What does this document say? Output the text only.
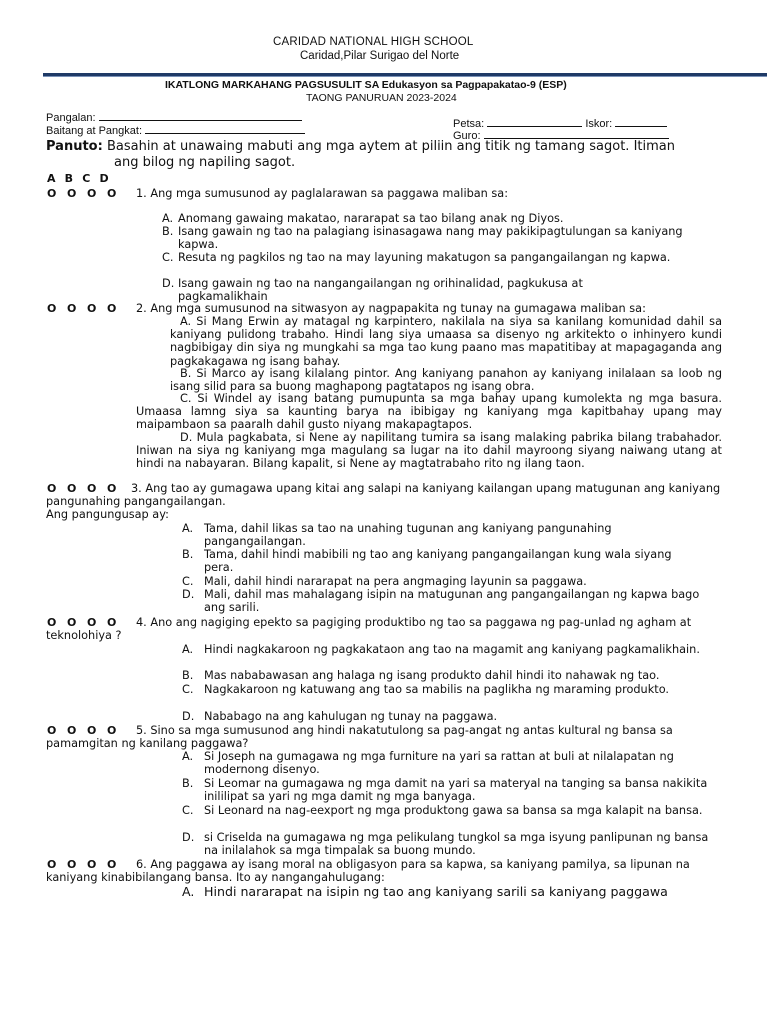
CARIDAD NATIONAL HIGH SCHOOL
Caridad,Pilar Surigao del Norte
IKATLONG MARKAHANG PAGSUSULIT SA Edukasyon sa Pagpapakatao-9 (ESP)
TAONG PANURUAN 2023-2024
Pangalan:
Baitang at Pangkat:
Petsa:	Iskor:
Guro:
Panuto: Basahin at unawaing mabuti ang mga aytem at piliin ang titik ng tamang sagot. Itiman
ang bilog ng napiling sagot.
A  B  C  D
O  O  O  O 1. Ang mga sumusunod ay paglalarawan sa paggawa maliban sa:
A. Anomang gawaing makatao, nararapat sa tao bilang anak ng Diyos.
B. Isang gawain ng tao na palagiang isinasagawa nang may pakikipagtulungan sa kaniyang kapwa.
C. Resuta ng pagkilos ng tao na may layuning makatugon sa pangangailangan ng kapwa.
D. Isang gawain ng tao na nangangailangan ng orihinalidad, pagkukusa at pagkamalikhain
O  O  O  O 2. Ang mga sumusunod na sitwasyon ay nagpapakita ng tunay na gumagawa maliban sa:
A. Si Mang Erwin ay matagal ng karpintero, nakilala na siya sa kanilang komunidad dahil sa kaniyang pulidong trabaho. Hindi lang siya umaasa sa disenyo ng arkitekto o inhinyero kundi nagbibigay din siya ng mungkahi sa mga tao kung paano mas mapatitibay at mapagaganda ang pagkakagawa ng isang bahay.
B. Si Marco ay isang kilalang pintor. Ang kaniyang panahon ay kaniyang inilalaan sa loob ng isang silid para sa buong maghapong pagtatapos ng isang obra.
C. Si Windel ay isang batang pumupunta sa mga bahay upang kumolekta ng mga basura. Umaasa lamng siya sa kaunting barya na ibibigay ng kaniyang mga kapitbahay upang may maipambaon sa paaralh dahil gusto niyang makapagtapos.
D. Mula pagkabata, si Nene ay napilitang tumira sa isang malaking pabrika bilang trabahador. Iniwan na siya ng kaniyang mga magulang sa lugar na ito dahil mayroong siyang naiwang utang at hindi na nabayaran. Bilang kapalit, si Nene ay magtatrabaho rito ng ilang taon.
O  O  O  O	3. Ang tao ay gumagawa upang kitai ang salapi na kaniyang kailangan upang matugunan ang kaniyang pangunahing pangangailangan.
Ang pangungusap ay:
A. Tama, dahil likas sa tao na unahing tugunan ang kaniyang pangunahing pangangailangan.
B. Tama, dahil hindi mabibili ng tao ang kaniyang pangangailangan kung wala siyang pera.
C. Mali, dahil hindi nararapat na pera angmaging layunin sa paggawa.
D. Mali, dahil mas mahalagang isipin na matugunan ang pangangailangan ng kapwa bago ang sarili.
O  O  O  O	4. Ano ang nagiging epekto sa pagiging produktibo ng tao sa paggawa ng pag-unlad ng agham at teknolohiya ?
A. Hindi nagkakaroon ng pagkakataon ang tao na magamit ang kaniyang pagkamalikhain.
B. Mas nababawasan ang halaga ng isang produkto dahil hindi ito nahawak ng tao.
C. Nagkakaroon ng katuwang ang tao sa mabilis na paglikha ng maraming produkto.
D. Nababago na ang kahulugan ng tunay na paggawa.
O  O  O  O	5. Sino sa mga sumusunod ang hindi nakatutulong sa pag-angat ng antas kultural ng bansa sa pamamgitan ng kanilang paggawa?
A. Si Joseph na gumagawa ng mga furniture na yari sa rattan at buli at nilalapatan ng modernong disenyo.
B. Si Leomar na gumagawa ng mga damit na yari sa materyal na tanging sa bansa nakikita inililipat sa yari ng mga damit ng mga banyaga.
C. Si Leonard na nag-eexport ng mga produktong gawa sa bansa sa mga kalapit na bansa.
D. si Criselda na gumagawa ng mga pelikulang tungkol sa mga isyung panlipunan ng bansa na inilalahok sa mga timpalak sa buong mundo.
O  O  O  O	6. Ang paggawa ay isang moral na obligasyon para sa kapwa, sa kaniyang pamilya, sa lipunan na kaniyang kinabibilangang bansa. Ito ay nangangahulugang:
A. Hindi nararapat na isipin ng tao ang kaniyang sarili sa kaniyang paggawa
